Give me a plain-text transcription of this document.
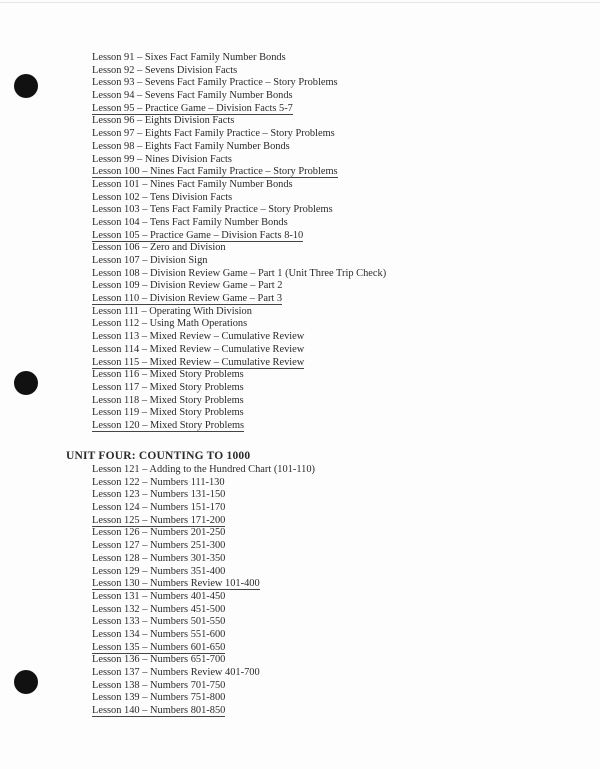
Lesson 91 – Sixes Fact Family Number Bonds
Lesson 92 – Sevens Division Facts
Lesson 93 – Sevens Fact Family Practice – Story Problems
Lesson 94 – Sevens Fact Family Number Bonds
Lesson 95 – Practice Game – Division Facts 5-7
Lesson 96 – Eights Division Facts
Lesson 97 – Eights Fact Family Practice – Story Problems
Lesson 98 – Eights Fact Family Number Bonds
Lesson 99 – Nines Division Facts
Lesson 100 – Nines Fact Family Practice – Story Problems
Lesson 101 – Nines Fact Family Number Bonds
Lesson 102 – Tens Division Facts
Lesson 103 – Tens Fact Family Practice – Story Problems
Lesson 104 – Tens Fact Family Number Bonds
Lesson 105 – Practice Game – Division Facts 8-10
Lesson 106 – Zero and Division
Lesson 107 – Division Sign
Lesson 108 – Division Review Game – Part 1 (Unit Three Trip Check)
Lesson 109 – Division Review Game – Part 2
Lesson 110 – Division Review Game – Part 3
Lesson 111 – Operating With Division
Lesson 112 – Using Math Operations
Lesson 113 – Mixed Review – Cumulative Review
Lesson 114 – Mixed Review – Cumulative Review
Lesson 115 – Mixed Review – Cumulative Review
Lesson 116 – Mixed Story Problems
Lesson 117 – Mixed Story Problems
Lesson 118 – Mixed Story Problems
Lesson 119 – Mixed Story Problems
Lesson 120 – Mixed Story Problems
UNIT FOUR: COUNTING TO 1000
Lesson 121 – Adding to the Hundred Chart (101-110)
Lesson 122 – Numbers 111-130
Lesson 123 – Numbers 131-150
Lesson 124 – Numbers 151-170
Lesson 125 – Numbers 171-200
Lesson 126 – Numbers 201-250
Lesson 127 – Numbers 251-300
Lesson 128 – Numbers 301-350
Lesson 129 – Numbers 351-400
Lesson 130 – Numbers Review 101-400
Lesson 131 – Numbers 401-450
Lesson 132 – Numbers 451-500
Lesson 133 – Numbers 501-550
Lesson 134 – Numbers 551-600
Lesson 135 – Numbers 601-650
Lesson 136 – Numbers 651-700
Lesson 137 – Numbers Review 401-700
Lesson 138 – Numbers 701-750
Lesson 139 – Numbers 751-800
Lesson 140 – Numbers 801-850
